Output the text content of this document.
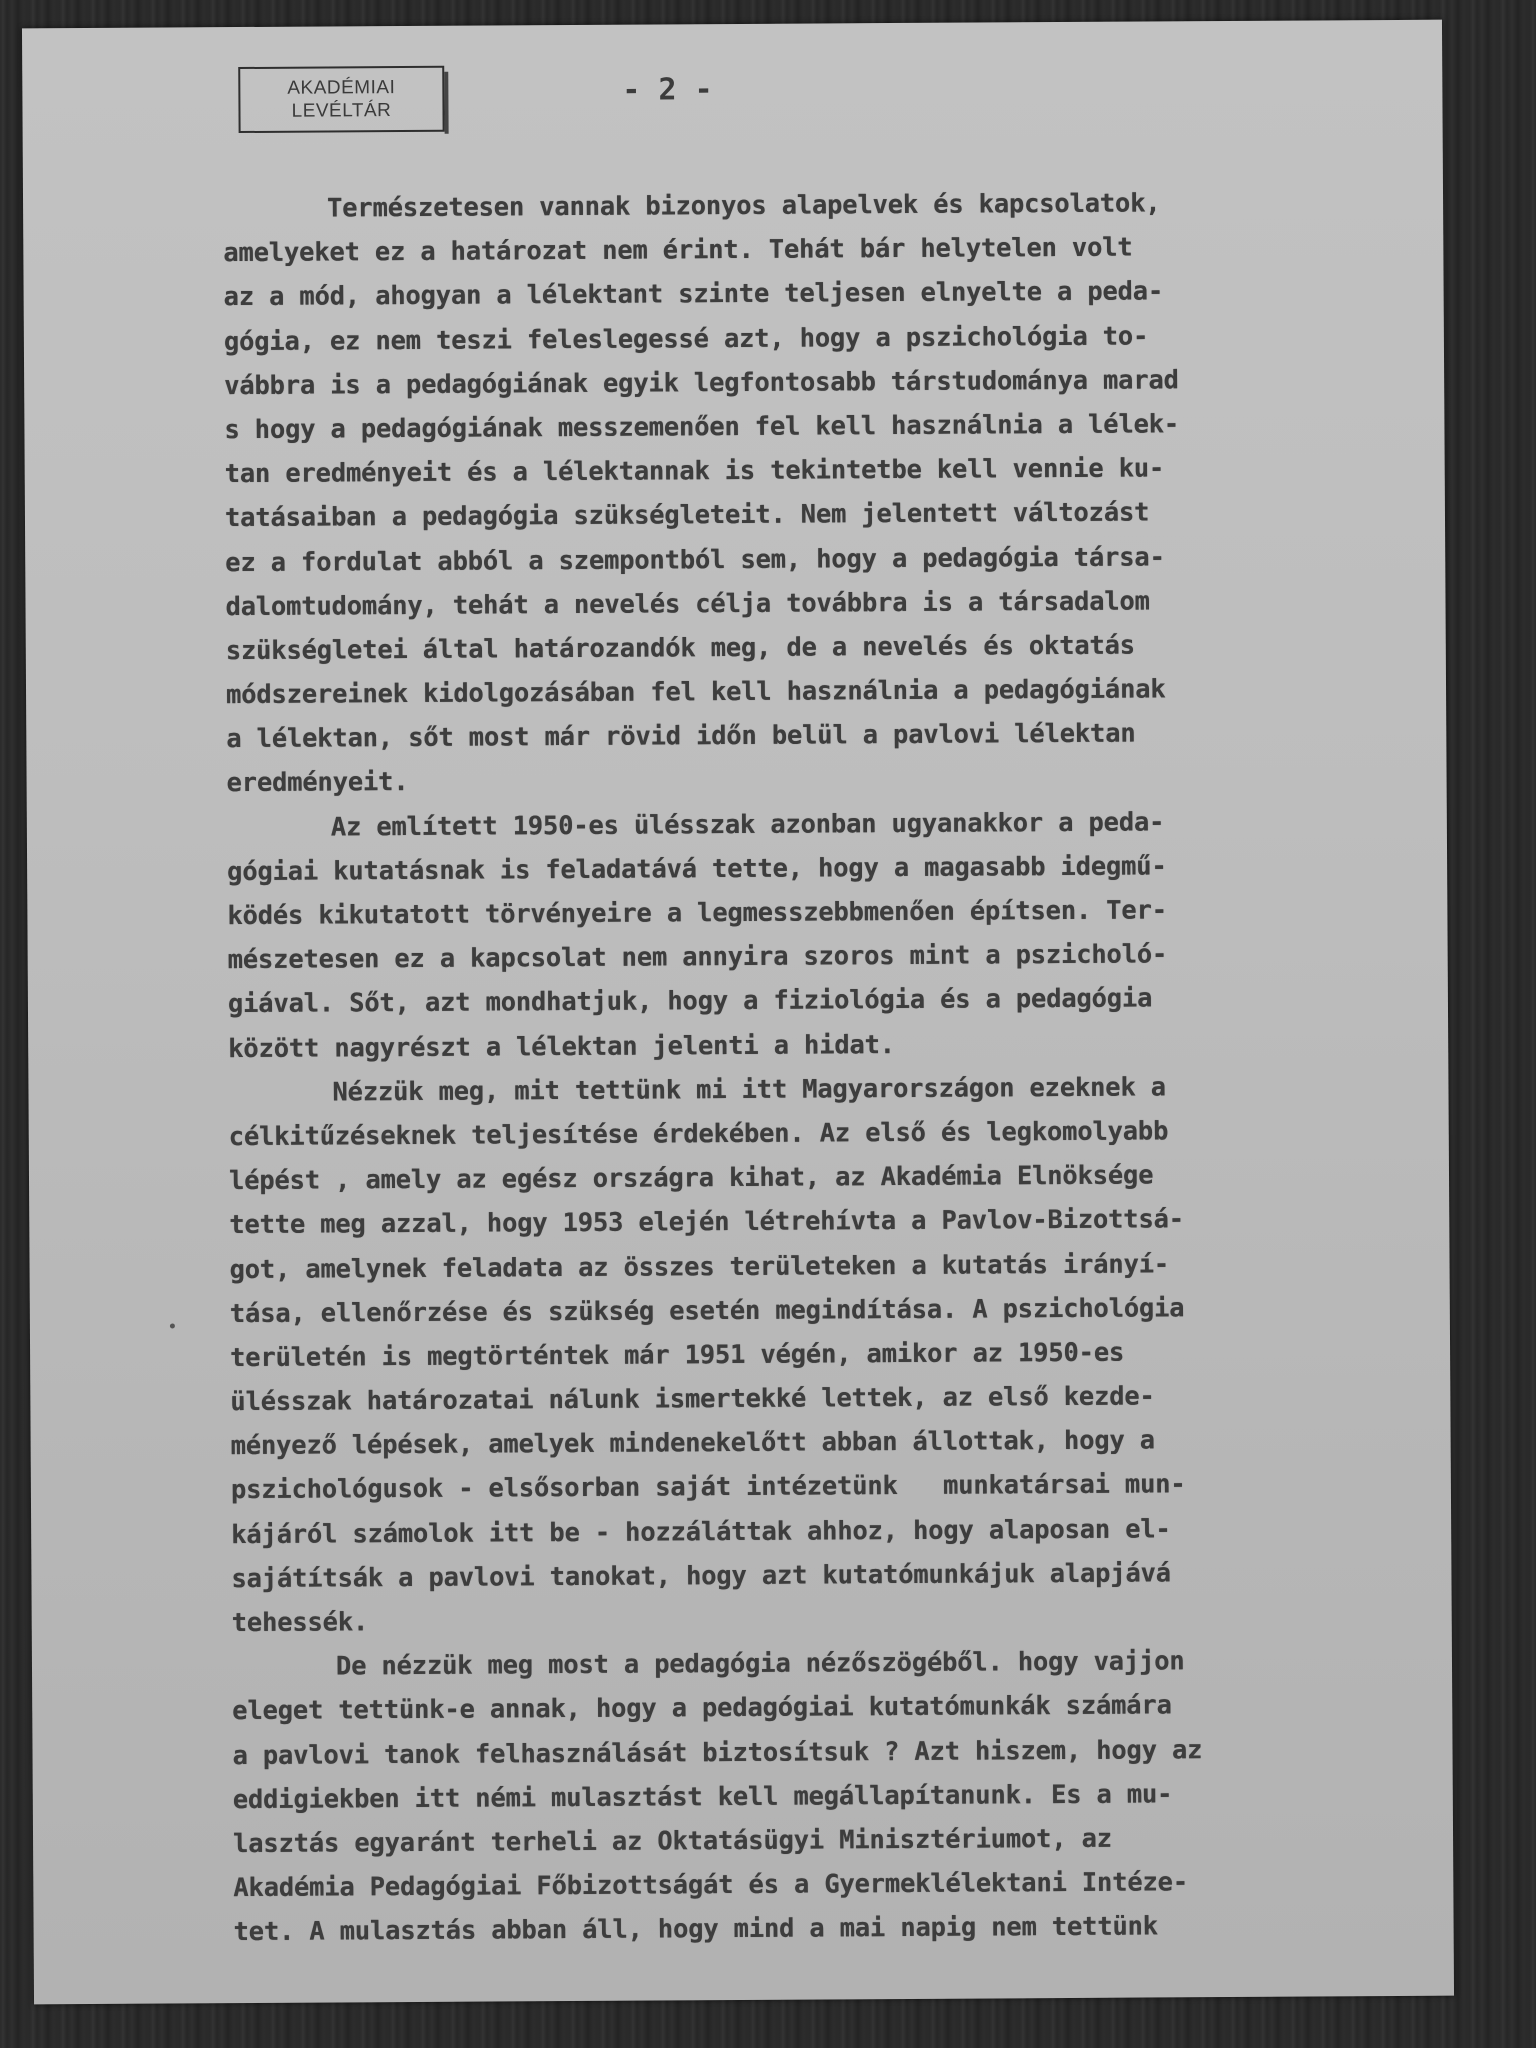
AKADÉMIAI
LEVÉLTÁR
- 2 -
Természetesen vannak bizonyos alapelvek és kapcsolatok,
amelyeket ez a határozat nem érint. Tehát bár helytelen volt
az a mód, ahogyan a lélektant szinte teljesen elnyelte a peda-
gógia, ez nem teszi feleslegessé azt, hogy a pszichológia to-
vábbra is a pedagógiának egyik legfontosabb társtudománya marad
s hogy a pedagógiának messzemenően fel kell használnia a lélek-
tan eredményeit és a lélektannak is tekintetbe kell vennie ku-
tatásaiban a pedagógia szükségleteit. Nem jelentett változást
ez a fordulat abból a szempontból sem, hogy a pedagógia társa-
dalomtudomány, tehát a nevelés célja továbbra is a társadalom
szükségletei által határozandók meg, de a nevelés és oktatás
módszereinek kidolgozásában fel kell használnia a pedagógiának
a lélektan, sőt most már rövid időn belül a pavlovi lélektan
eredményeit.
Az említett 1950-es ülésszak azonban ugyanakkor a peda-
gógiai kutatásnak is feladatává tette, hogy a magasabb idegmű-
ködés kikutatott törvényeire a legmesszebbmenően építsen. Ter-
mészetesen ez a kapcsolat nem annyira szoros mint a pszicholó-
giával. Sőt, azt mondhatjuk, hogy a fiziológia és a pedagógia
között nagyrészt a lélektan jelenti a hidat.
Nézzük meg, mit tettünk mi itt Magyarországon ezeknek a
célkitűzéseknek teljesítése érdekében. Az első és legkomolyabb
lépést , amely az egész országra kihat, az Akadémia Elnöksége
tette meg azzal, hogy 1953 elején létrehívta a Pavlov-Bizottsá-
got, amelynek feladata az összes területeken a kutatás irányí-
tása, ellenőrzése és szükség esetén megindítása. A pszichológia
területén is megtörténtek már 1951 végén, amikor az 1950-es
ülésszak határozatai nálunk ismertekké lettek, az első kezde-
ményező lépések, amelyek mindenekelőtt abban állottak, hogy a
pszichológusok - elsősorban saját intézetünk   munkatársai mun-
kájáról számolok itt be - hozzáláttak ahhoz, hogy alaposan el-
sajátítsák a pavlovi tanokat, hogy azt kutatómunkájuk alapjává
tehessék.
De nézzük meg most a pedagógia nézőszögéből. hogy vajjon
eleget tettünk-e annak, hogy a pedagógiai kutatómunkák számára
a pavlovi tanok felhasználását biztosítsuk ? Azt hiszem, hogy az
eddigiekben itt némi mulasztást kell megállapítanunk. Es a mu-
lasztás egyaránt terheli az Oktatásügyi Minisztériumot, az
Akadémia Pedagógiai Főbizottságát és a Gyermeklélektani Intéze-
tet. A mulasztás abban áll, hogy mind a mai napig nem tettünk
